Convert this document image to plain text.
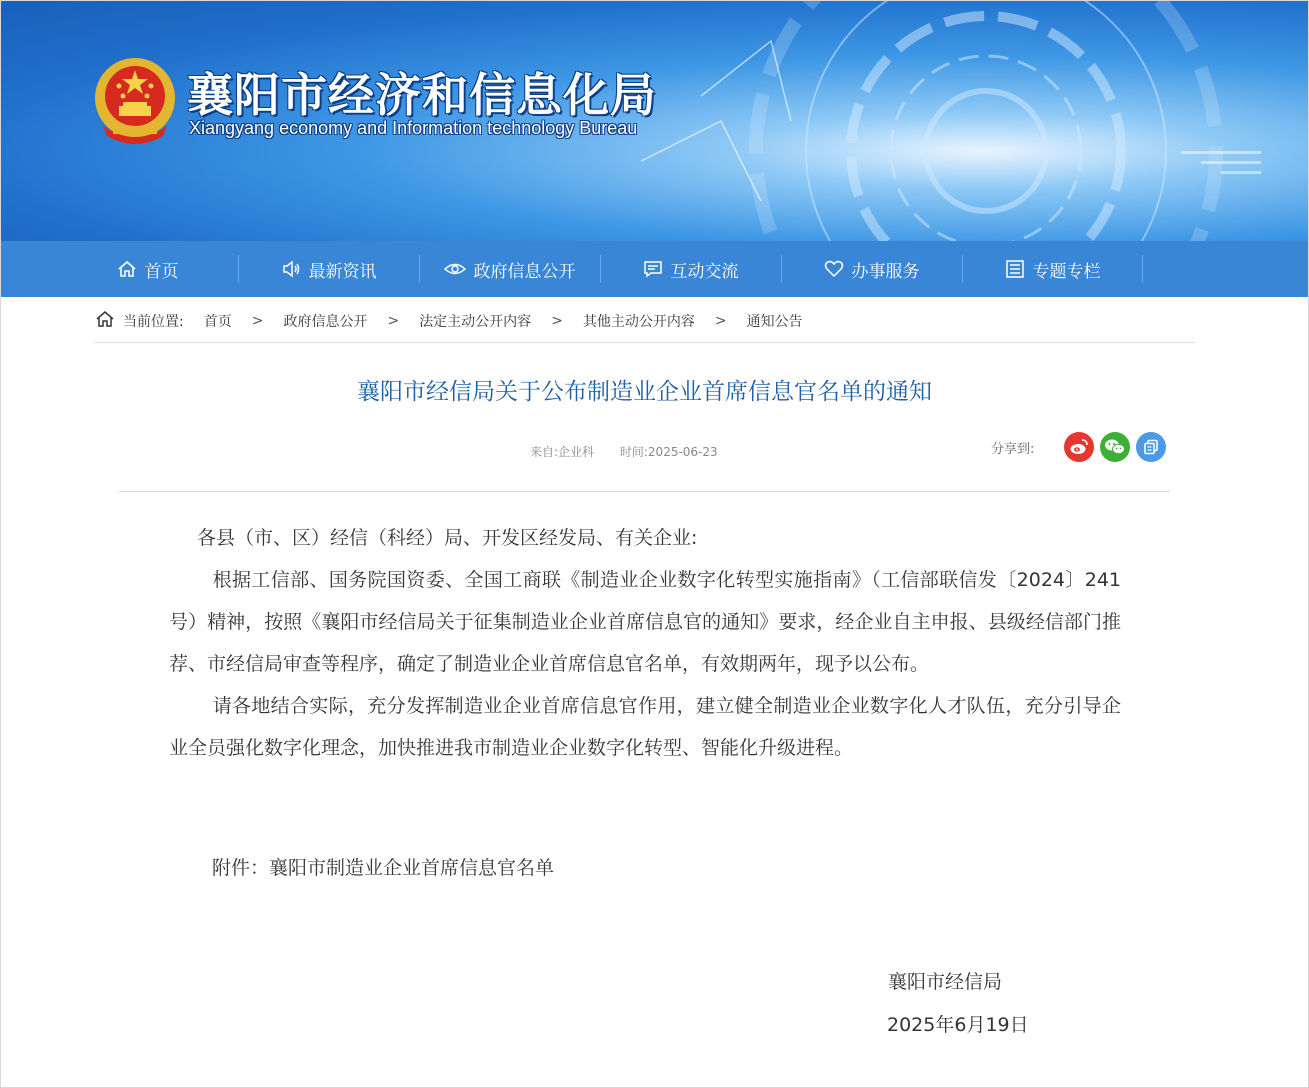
襄阳市经济和信息化局
Xiangyang economy and Information technology Bureau
首页	最新资讯	政府信息公开	互动交流	办事服务	专题专栏
当前位置: 首页 > 政府信息公开 > 法定主动公开内容 > 其他主动公开内容 > 通知公告
襄阳市经信局关于公布制造业企业首席信息官名单的通知
来自:企业科 时间:2025-06-23	分享到:

各县（市、区）经信（科经）局、开发区经发局、有关企业:

根据工信部、国务院国资委、全国工商联《制造业企业数字化转型实施指南》（工信部联信发〔2024〕241号）精神，按照《襄阳市经信局关于征集制造业企业首席信息官的通知》要求，经企业自主申报、县级经信部门推荐、市经信局审查等程序，确定了制造业企业首席信息官名单，有效期两年，现予以公布。

请各地结合实际，充分发挥制造业企业首席信息官作用，建立健全制造业企业数字化人才队伍，充分引导企业全员强化数字化理念，加快推进我市制造业企业数字化转型、智能化升级进程。

附件：襄阳市制造业企业首席信息官名单
襄阳市经信局
2025年6月19日
